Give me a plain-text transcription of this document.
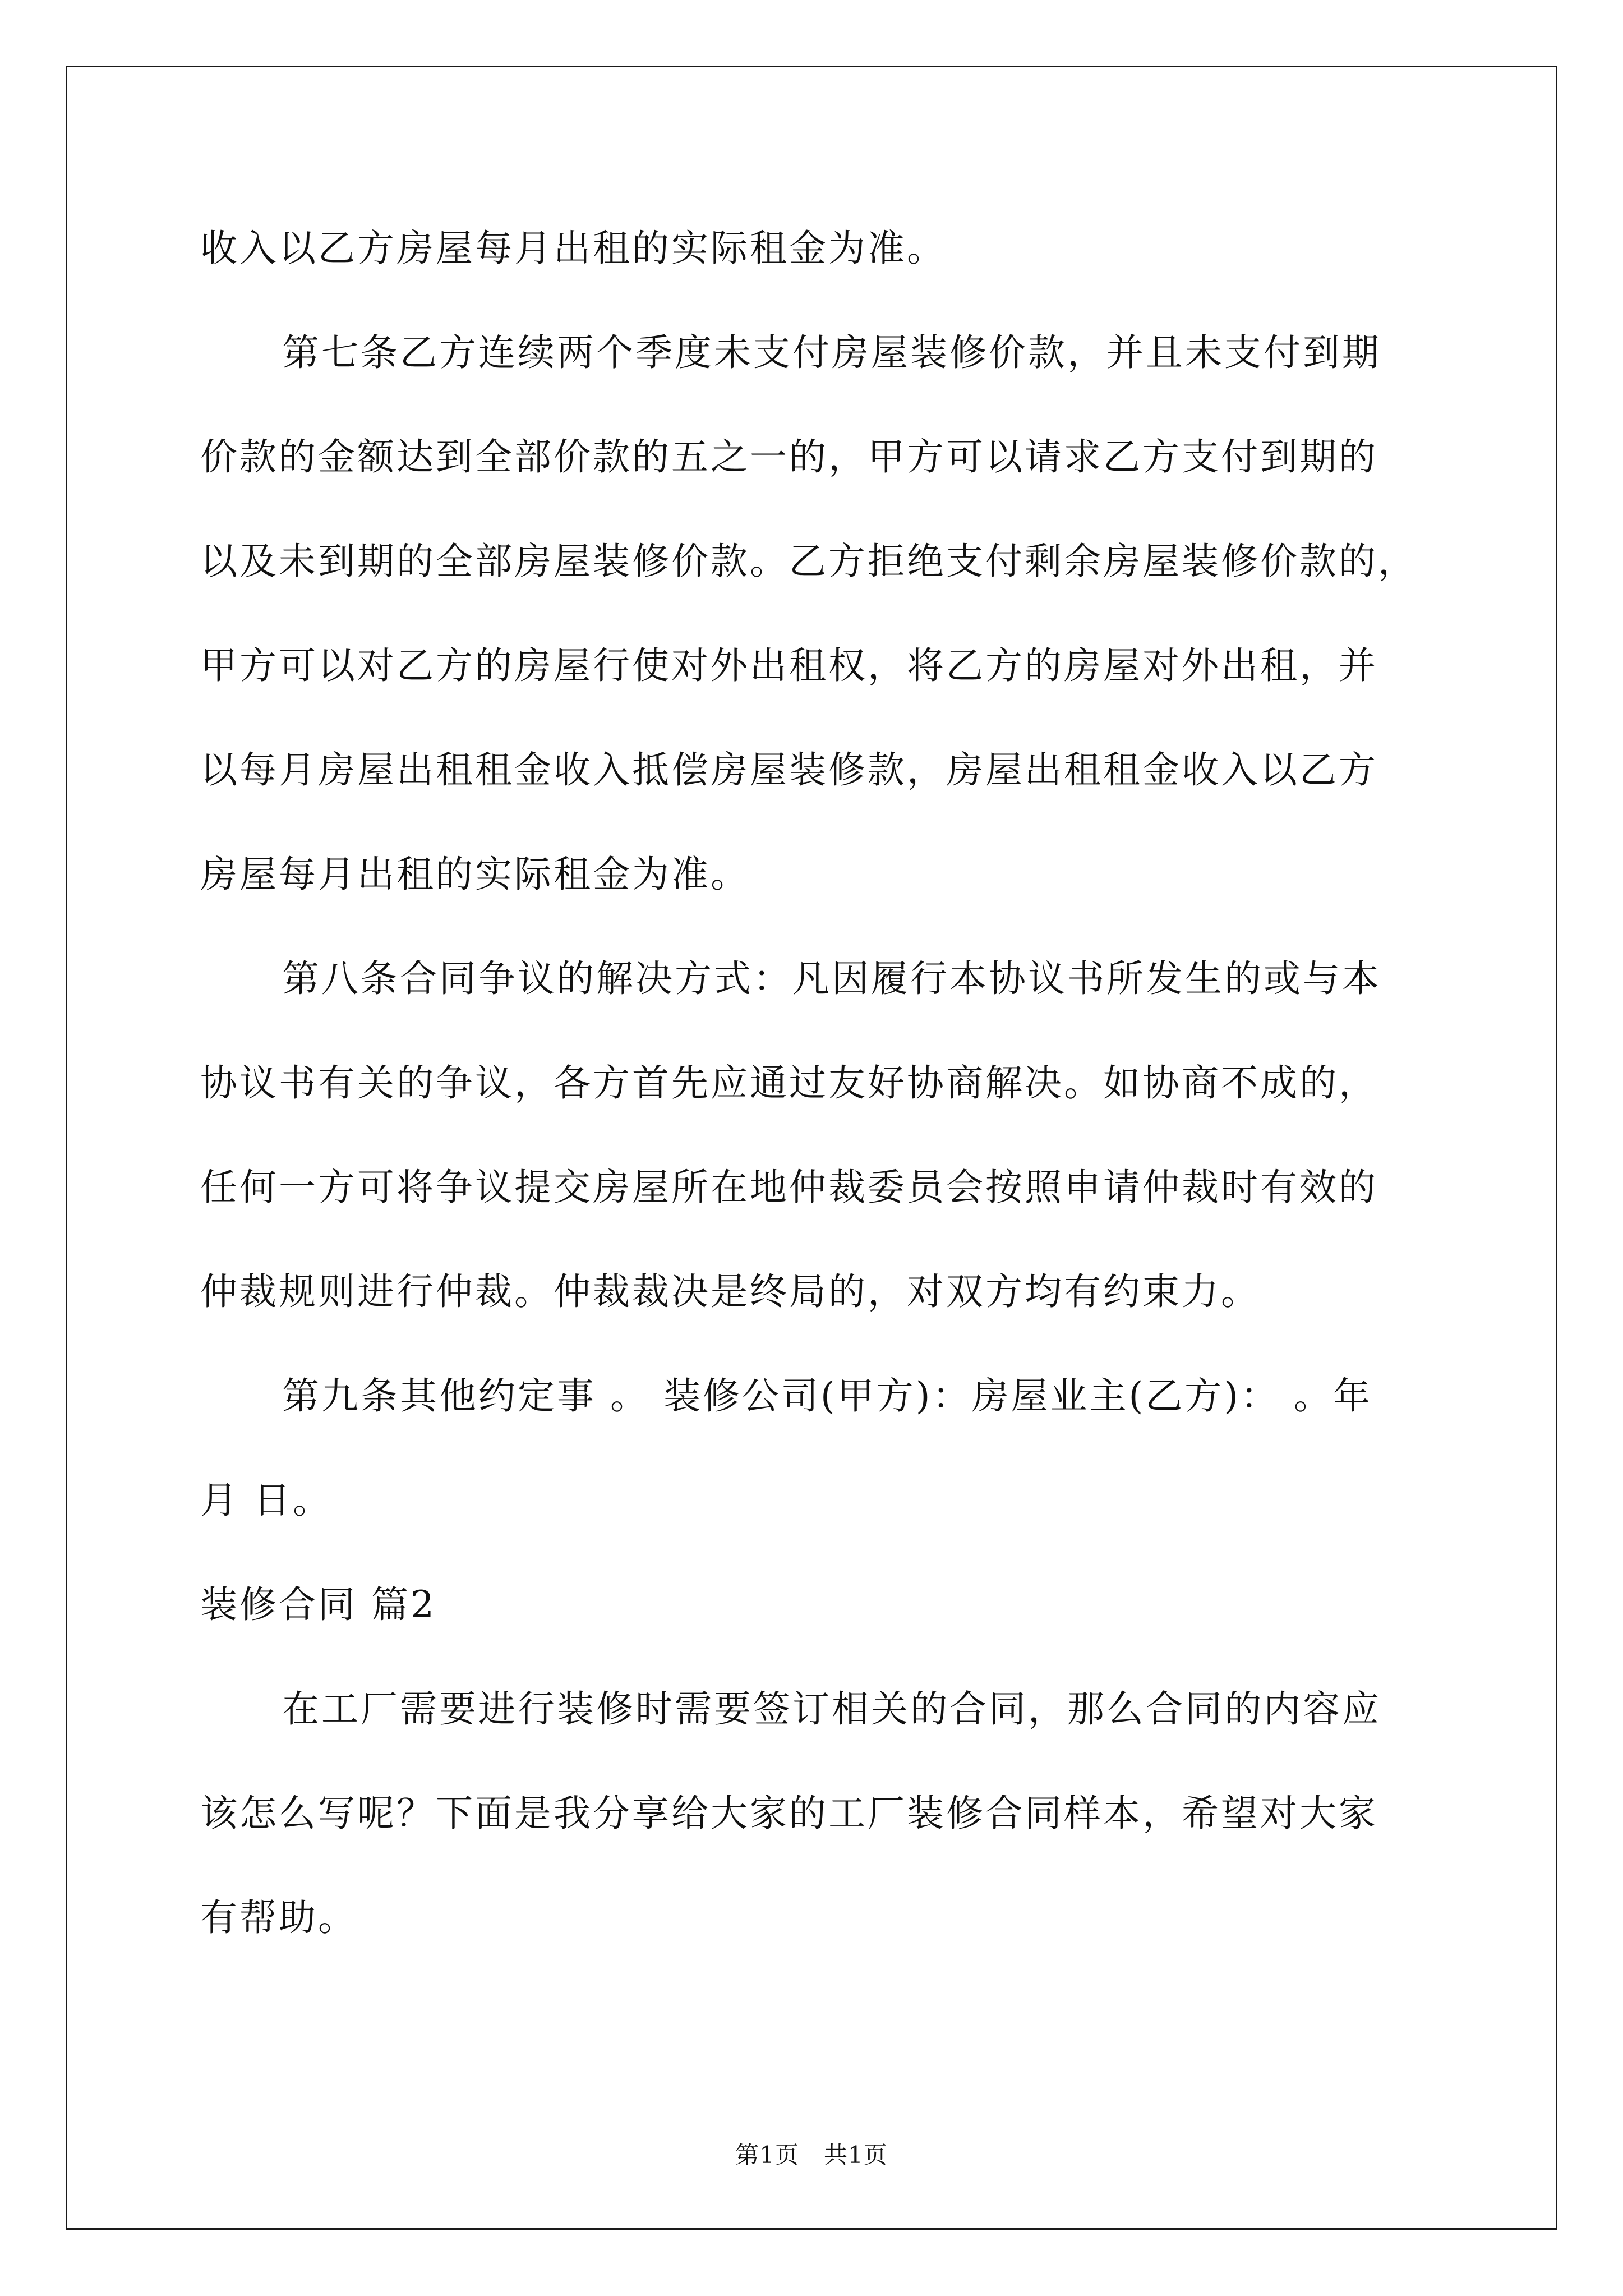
收入以乙方房屋每月出租的实际租金为准。
第七条乙方连续两个季度未支付房屋装修价款，并且未支付到期
价款的金额达到全部价款的五之一的，甲方可以请求乙方支付到期的
以及未到期的全部房屋装修价款。乙方拒绝支付剩余房屋装修价款的，
甲方可以对乙方的房屋行使对外出租权，将乙方的房屋对外出租，并
以每月房屋出租租金收入抵偿房屋装修款，房屋出租租金收入以乙方
房屋每月出租的实际租金为准。
第八条合同争议的解决方式：凡因履行本协议书所发生的或与本
协议书有关的争议，各方首先应通过友好协商解决。如协商不成的，
任何一方可将争议提交房屋所在地仲裁委员会按照申请仲裁时有效的
仲裁规则进行仲裁。仲裁裁决是终局的，对双方均有约束力。
第九条其他约定事 。 装修公司(甲方)：房屋业主(乙方)： 。年
月 日。
装修合同 篇2
在工厂需要进行装修时需要签订相关的合同，那么合同的内容应
该怎么写呢？下面是我分享给大家的工厂装修合同样本，希望对大家
有帮助。
第1页 共1页
